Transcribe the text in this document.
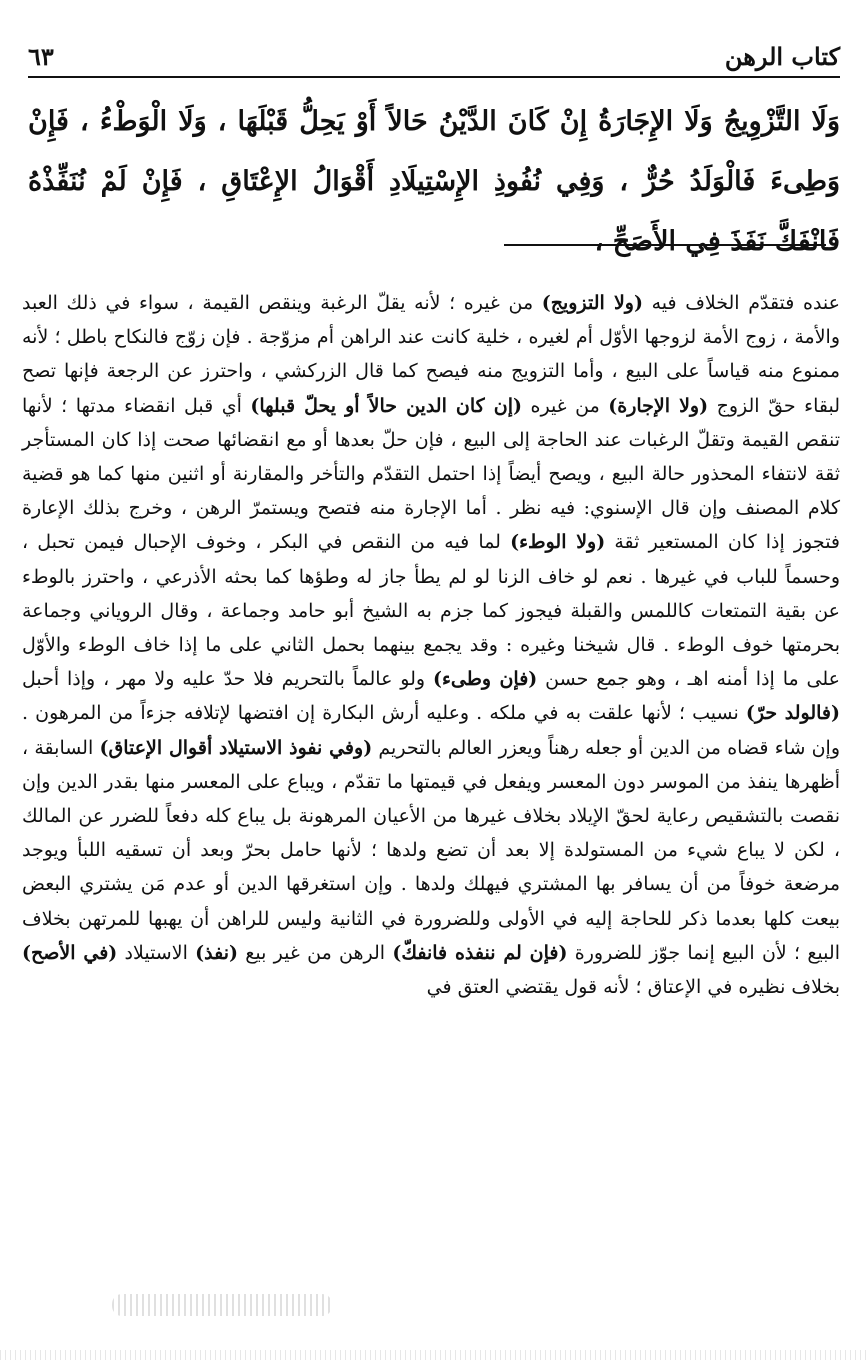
كتاب الرهن
٦٣

وَلَا التَّزْوِيجُ وَلَا الإِجَارَةُ إِنْ كَانَ الدَّيْنُ حَالاً أَوْ يَحِلُّ قَبْلَهَا ، وَلَا الْوَطْءُ ، فَإِنْ وَطِىءَ فَالْوَلَدُ حُرٌّ ، وَفِي نُفُوذِ الإِسْتِيلَادِ أَقْوَالُ الإِعْتَاقِ ، فَإِنْ لَمْ نُنَفِّذْهُ فَانْفَكَّ نَفَذَ فِي الأَصَحِّ ،

عنده فتقدّم الخلاف فيه (ولا التزويج) من غيره ؛ لأنه يقلّ الرغبة وينقص القيمة ، سواء في ذلك العبد والأمة ، زوج الأمة لزوجها الأوّل أم لغيره ، خلية كانت عند الراهن أم مزوّجة . فإن زوّج فالنكاح باطل ؛ لأنه ممنوع منه قياساً على البيع ، وأما التزويج منه فيصح كما قال الزركشي ، واحترز عن الرجعة فإنها تصح لبقاء حقّ الزوج (ولا الإجارة) من غيره (إن كان الدين حالاً أو يحلّ قبلها) أي قبل انقضاء مدتها ؛ لأنها تنقص القيمة وتقلّ الرغبات عند الحاجة إلى البيع ، فإن حلّ بعدها أو مع انقضائها صحت إذا كان المستأجر ثقة لانتفاء المحذور حالة البيع ، ويصح أيضاً إذا احتمل التقدّم والتأخر والمقارنة أو اثنين منها كما هو قضية كلام المصنف وإن قال الإسنوي: فيه نظر . أما الإجارة منه فتصح ويستمرّ الرهن ، وخرج بذلك الإعارة فتجوز إذا كان المستعير ثقة (ولا الوطء) لما فيه من النقص في البكر ، وخوف الإحبال فيمن تحبل ، وحسماً للباب في غيرها . نعم لو خاف الزنا لو لم يطأ جاز له وطؤها كما بحثه الأذرعي ، واحترز بالوطء عن بقية التمتعات كاللمس والقبلة فيجوز كما جزم به الشيخ أبو حامد وجماعة ، وقال الروياني وجماعة بحرمتها خوف الوطء . قال شيخنا وغيره : وقد يجمع بينهما بحمل الثاني على ما إذا خاف الوطء والأوّل على ما إذا أمنه اهـ ، وهو جمع حسن (فإن وطىء) ولو عالماً بالتحريم فلا حدّ عليه ولا مهر ، وإذا أحبل (فالولد حرّ) نسيب ؛ لأنها علقت به في ملكه . وعليه أرش البكارة إن افتضها لإتلافه جزءاً من المرهون . وإن شاء قضاه من الدين أو جعله رهناً ويعزر العالم بالتحريم (وفي نفوذ الاستيلاد أقوال الإعتاق) السابقة ، أظهرها ينفذ من الموسر دون المعسر ويفعل في قيمتها ما تقدّم ، ويباع على المعسر منها بقدر الدين وإن نقصت بالتشقيص رعاية لحقّ الإيلاد بخلاف غيرها من الأعيان المرهونة بل يباع كله دفعاً للضرر عن المالك ، لكن لا يباع شيء من المستولدة إلا بعد أن تضع ولدها ؛ لأنها حامل بحرّ وبعد أن تسقيه اللبأ ويوجد مرضعة خوفاً من أن يسافر بها المشتري فيهلك ولدها . وإن استغرقها الدين أو عدم مَن يشتري البعض بيعت كلها بعدما ذكر للحاجة إليه في الأولى وللضرورة في الثانية وليس للراهن أن يهبها للمرتهن بخلاف البيع ؛ لأن البيع إنما جوّز للضرورة (فإن لم ننفذه فانفكّ) الرهن من غير بيع (نفذ) الاستيلاد (في الأصح) بخلاف نظيره في الإعتاق ؛ لأنه قول يقتضي العتق في
